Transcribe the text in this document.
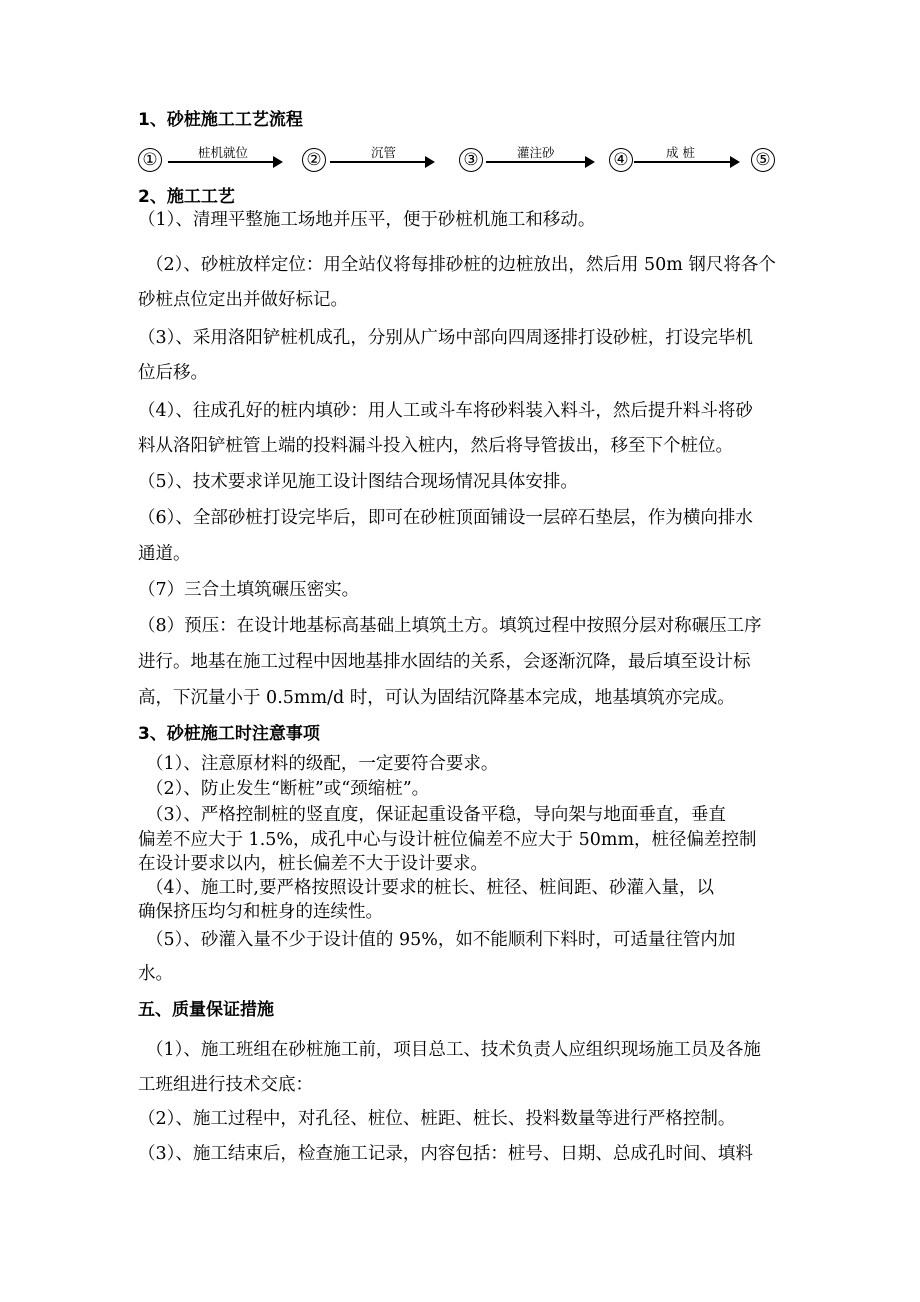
1、砂桩施工工艺流程
①	桩机就位	②	沉管	③	灌注砂	④	成 桩	⑤
2、施工工艺
（1）、清理平整施工场地并压平，便于砂桩机施工和移动。
（2）、砂桩放样定位：用全站仪将每排砂桩的边桩放出，然后用 50m 钢尺将各个
砂桩点位定出并做好标记。
（3）、采用洛阳铲桩机成孔，分别从广场中部向四周逐排打设砂桩，打设完毕机
位后移。
（4）、往成孔好的桩内填砂：用人工或斗车将砂料装入料斗，然后提升料斗将砂
料从洛阳铲桩管上端的投料漏斗投入桩内，然后将导管拔出，移至下个桩位。
（5）、技术要求详见施工设计图结合现场情况具体安排。
（6）、全部砂桩打设完毕后，即可在砂桩顶面铺设一层碎石垫层，作为横向排水
通道。
（7）三合土填筑碾压密实。
（8）预压：在设计地基标高基础上填筑土方。填筑过程中按照分层对称碾压工序
进行。地基在施工过程中因地基排水固结的关系，会逐渐沉降，最后填至设计标
高，下沉量小于 0.5mm/d 时，可认为固结沉降基本完成，地基填筑亦完成。
3、砂桩施工时注意事项
（1）、注意原材料的级配，一定要符合要求。
（2）、防止发生“断桩”或“颈缩桩”。
（3）、严格控制桩的竖直度，保证起重设备平稳，导向架与地面垂直，垂直
偏差不应大于 1.5%，成孔中心与设计桩位偏差不应大于 50mm，桩径偏差控制
在设计要求以内，桩长偏差不大于设计要求。
（4）、施工时,要严格按照设计要求的桩长、桩径、桩间距、砂灌入量，以
确保挤压均匀和桩身的连续性。
（5）、砂灌入量不少于设计值的 95%，如不能顺利下料时，可适量往管内加
水。
五、质量保证措施
（1）、施工班组在砂桩施工前，项目总工、技术负责人应组织现场施工员及各施
工班组进行技术交底：
（2）、施工过程中，对孔径、桩位、桩距、桩长、投料数量等进行严格控制。
（3）、施工结束后，检查施工记录，内容包括：桩号、日期、总成孔时间、填料
